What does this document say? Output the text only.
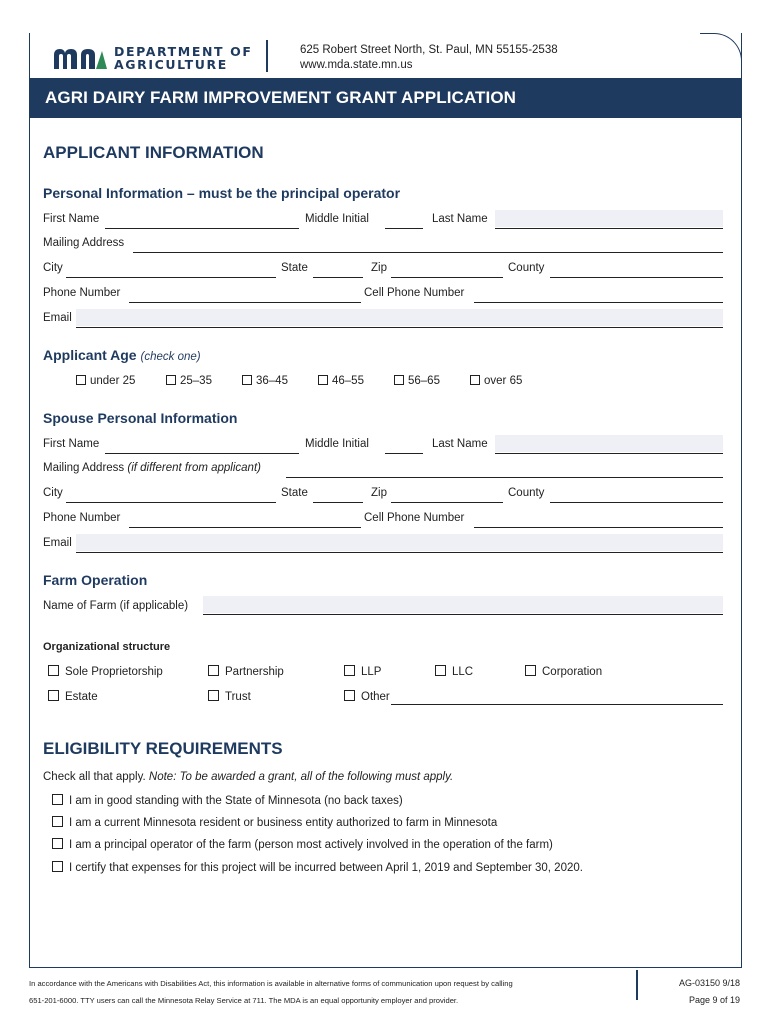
DEPARTMENT OF
AGRICULTURE
625 Robert Street North, St. Paul, MN 55155-2538
www.mda.state.mn.us
AGRI DAIRY FARM IMPROVEMENT GRANT APPLICATION
APPLICANT INFORMATION
Personal Information – must be the principal operator
First Name	Middle Initial	Last Name
Mailing Address
City	State	Zip	County
Phone Number	Cell Phone Number
Email
Applicant Age (check one)
under 25	25–35	36–45	46–55	56–65	over 65
Spouse Personal Information
First Name	Middle Initial	Last Name
Mailing Address (if different from applicant)
City	State	Zip	County
Phone Number	Cell Phone Number
Email
Farm Operation
Name of Farm (if applicable)
Organizational structure
Sole Proprietorship	Partnership	LLP	LLC	Corporation
Estate	Trust	Other
ELIGIBILITY REQUIREMENTS
Check all that apply. Note: To be awarded a grant, all of the following must apply.
I am in good standing with the State of Minnesota (no back taxes)
I am a current Minnesota resident or business entity authorized to farm in Minnesota
I am a principal operator of the farm (person most actively involved in the operation of the farm)
I certify that expenses for this project will be incurred between April 1, 2019 and September 30, 2020.
In accordance with the Americans with Disabilities Act, this information is available in alternative forms of communication upon request by calling
651-201-6000. TTY users can call the Minnesota Relay Service at 711. The MDA is an equal opportunity employer and provider.
AG-03150 9/18
Page 9 of 19
